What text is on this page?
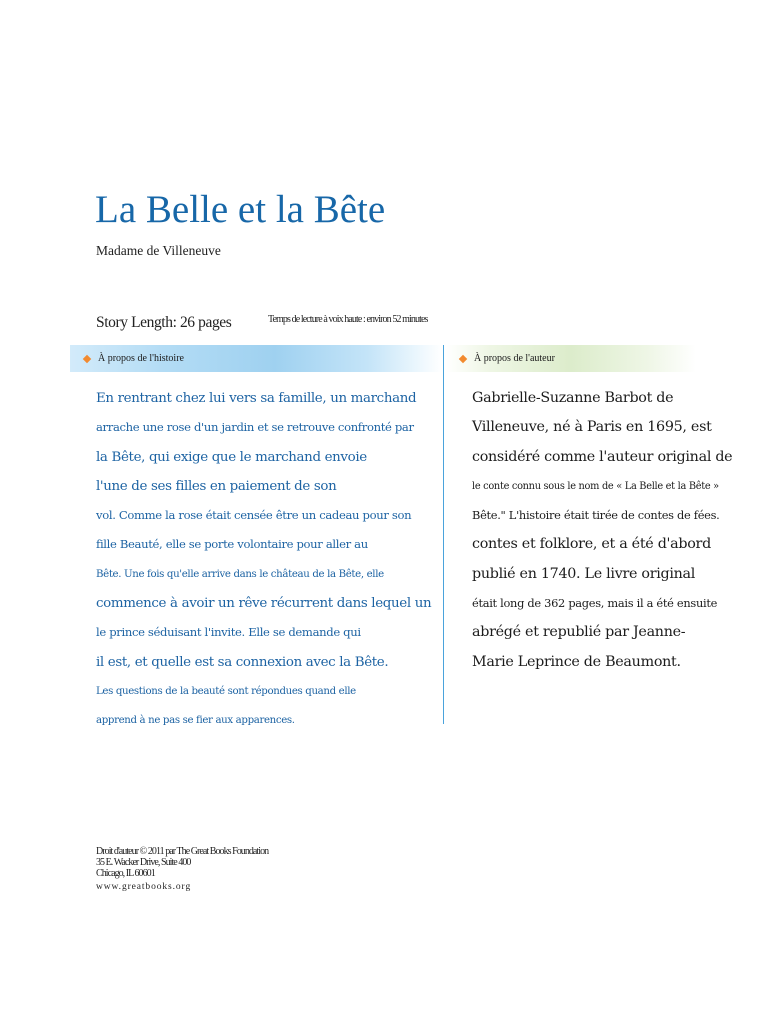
La Belle et la Bête
Madame de Villeneuve
Story Length: 26 pages	Temps de lecture à voix haute : environ 52 minutes
À propos de l'histoire	À propos de l'auteur
En rentrant chez lui vers sa famille, un marchand
arrache une rose d'un jardin et se retrouve confronté par
la Bête, qui exige que le marchand envoie
l'une de ses filles en paiement de son
vol. Comme la rose était censée être un cadeau pour son
fille Beauté, elle se porte volontaire pour aller au
Bête. Une fois qu'elle arrive dans le château de la Bête, elle
commence à avoir un rêve récurrent dans lequel un
le prince séduisant l'invite. Elle se demande qui
il est, et quelle est sa connexion avec la Bête.
Les questions de la beauté sont répondues quand elle
apprend à ne pas se fier aux apparences.
Gabrielle-Suzanne Barbot de
Villeneuve, né à Paris en 1695, est
considéré comme l'auteur original de
le conte connu sous le nom de « La Belle et la Bête »
Bête." L'histoire était tirée de contes de fées.
contes et folklore, et a été d'abord
publié en 1740. Le livre original
était long de 362 pages, mais il a été ensuite
abrégé et republié par Jeanne-
Marie Leprince de Beaumont.
Droit d'auteur © 2011 par The Great Books Foundation
35 E. Wacker Drive, Suite 400
Chicago, IL 60601
www.greatbooks.org
